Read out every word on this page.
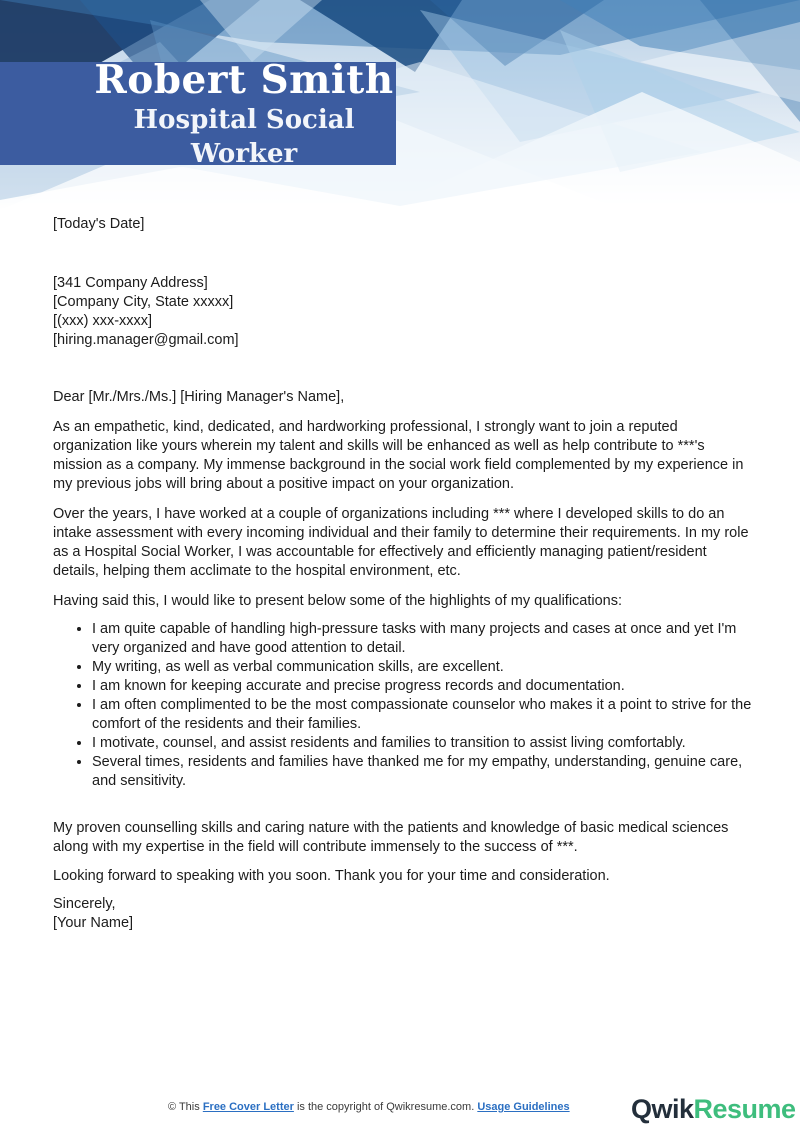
Robert Smith
Hospital Social Worker

[Today's Date]

[341 Company Address]
[Company City, State xxxxx]
[(xxx) xxx-xxxx]
[hiring.manager@gmail.com]

Dear [Mr./Mrs./Ms.] [Hiring Manager's Name],

As an empathetic, kind, dedicated, and hardworking professional, I strongly want to join a reputed organization like yours wherein my talent and skills will be enhanced as well as help contribute to ***'s mission as a company. My immense background in the social work field complemented by my experience in my previous jobs will bring about a positive impact on your organization.

Over the years, I have worked at a couple of organizations including *** where I developed skills to do an intake assessment with every incoming individual and their family to determine their requirements. In my role as a Hospital Social Worker, I was accountable for effectively and efficiently managing patient/resident details, helping them acclimate to the hospital environment, etc.

Having said this, I would like to present below some of the highlights of my qualifications:

• I am quite capable of handling high-pressure tasks with many projects and cases at once and yet I'm very organized and have good attention to detail.
• My writing, as well as verbal communication skills, are excellent.
• I am known for keeping accurate and precise progress records and documentation.
• I am often complimented to be the most compassionate counselor who makes it a point to strive for the comfort of the residents and their families.
• I motivate, counsel, and assist residents and families to transition to assist living comfortably.
• Several times, residents and families have thanked me for my empathy, understanding, genuine care, and sensitivity.

My proven counselling skills and caring nature with the patients and knowledge of basic medical sciences along with my expertise in the field will contribute immensely to the success of ***.

Looking forward to speaking with you soon. Thank you for your time and consideration.

Sincerely,
[Your Name]
© This Free Cover Letter is the copyright of Qwikresume.com. Usage Guidelines QwikResume
